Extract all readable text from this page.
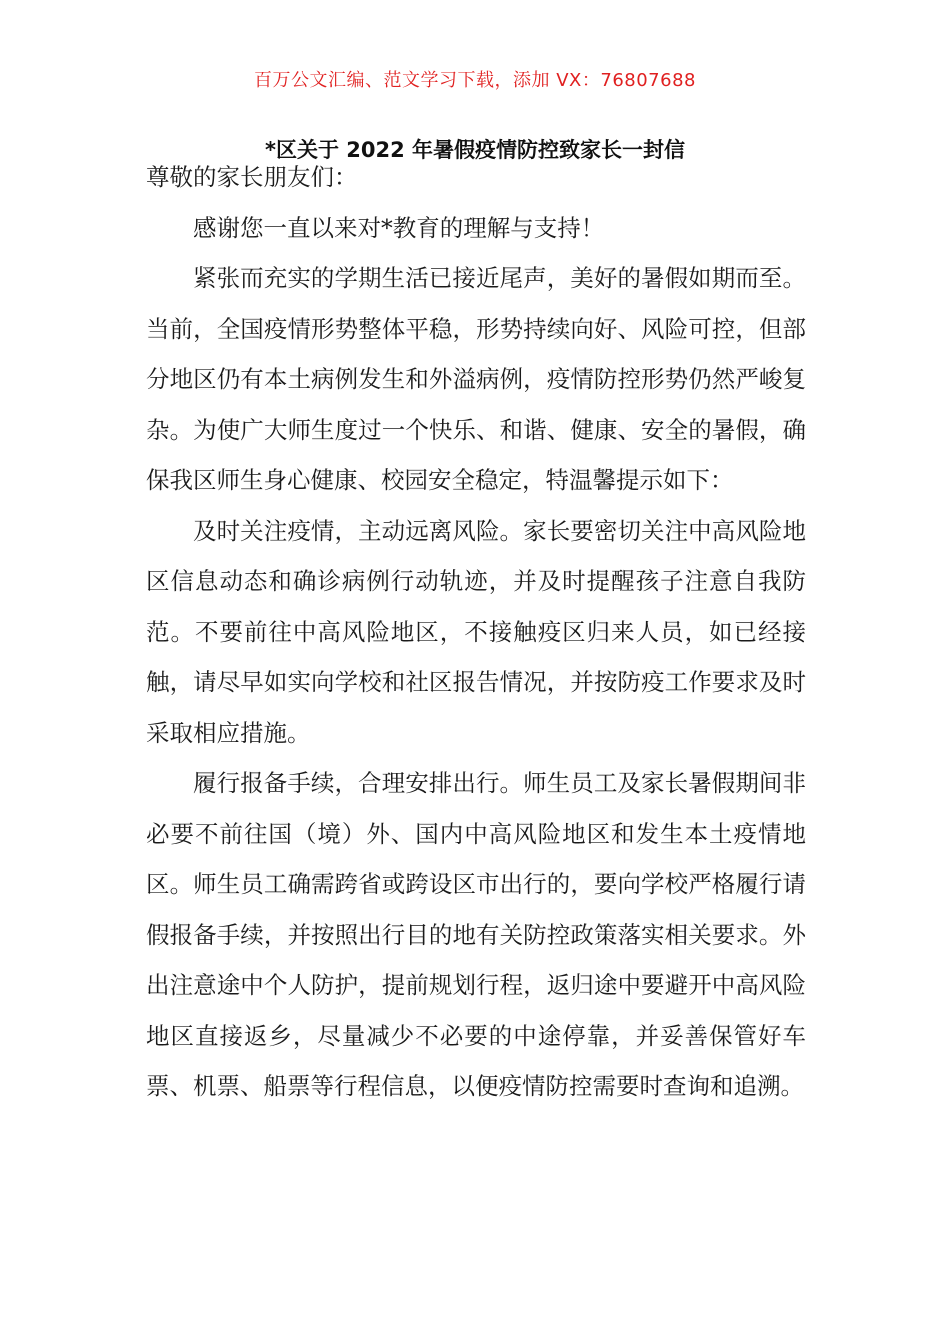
百万公文汇编、范文学习下载，添加 VX：76807688
*区关于 2022 年暑假疫情防控致家长一封信

尊敬的家长朋友们：

感谢您一直以来对*教育的理解与支持！

紧张而充实的学期生活已接近尾声，美好的暑假如期而至。当前，全国疫情形势整体平稳，形势持续向好、风险可控，但部分地区仍有本土病例发生和外溢病例，疫情防控形势仍然严峻复杂。为使广大师生度过一个快乐、和谐、健康、安全的暑假，确保我区师生身心健康、校园安全稳定，特温馨提示如下：

及时关注疫情，主动远离风险。家长要密切关注中高风险地区信息动态和确诊病例行动轨迹，并及时提醒孩子注意自我防范。不要前往中高风险地区，不接触疫区归来人员，如已经接触，请尽早如实向学校和社区报告情况，并按防疫工作要求及时采取相应措施。

履行报备手续，合理安排出行。师生员工及家长暑假期间非必要不前往国（境）外、国内中高风险地区和发生本土疫情地区。师生员工确需跨省或跨设区市出行的，要向学校严格履行请假报备手续，并按照出行目的地有关防控政策落实相关要求。外出注意途中个人防护，提前规划行程，返归途中要避开中高风险地区直接返乡，尽量减少不必要的中途停靠，并妥善保管好车票、机票、船票等行程信息，以便疫情防控需要时查询和追溯。
